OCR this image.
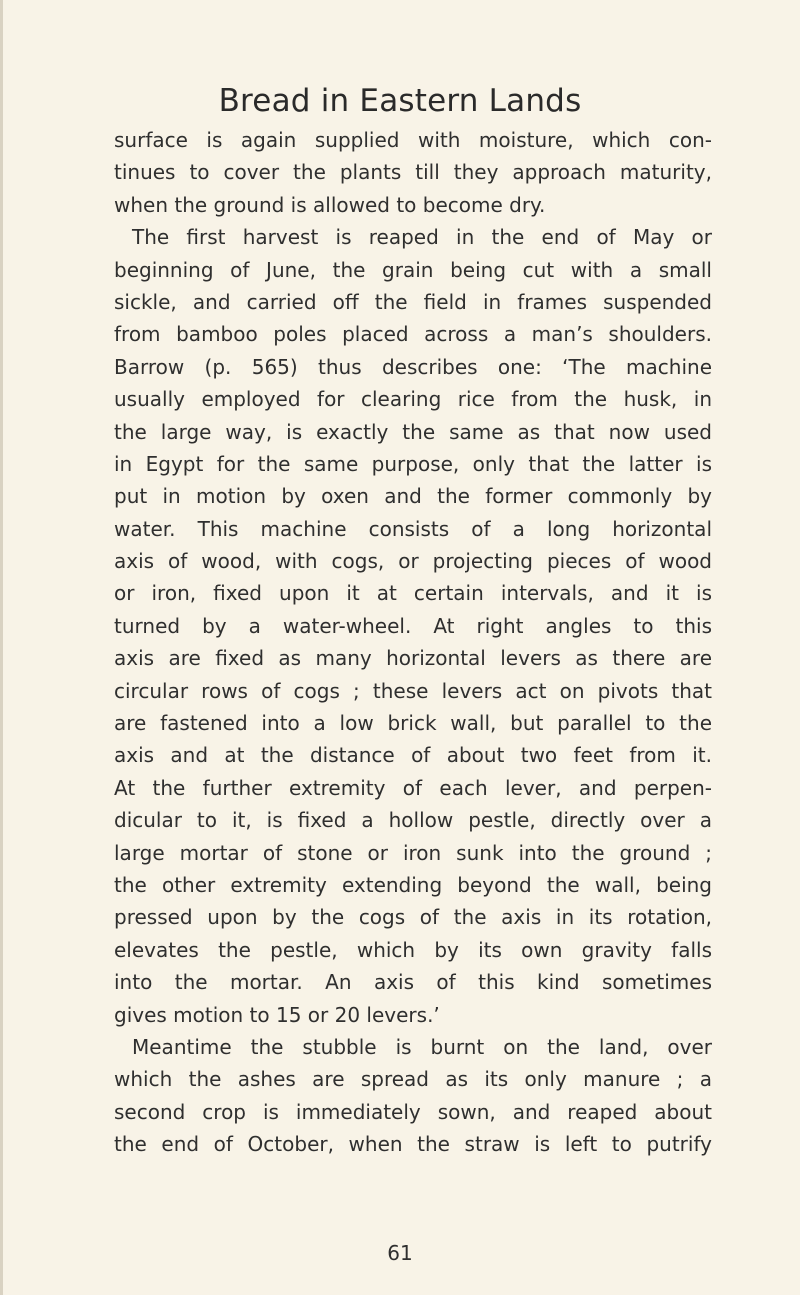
Bread in Eastern Lands
surface is again supplied with moisture, which con-
tinues to cover the plants till they approach maturity,
when the ground is allowed to become dry.
The first harvest is reaped in the end of May or
beginning of June, the grain being cut with a small
sickle, and carried off the field in frames suspended
from bamboo poles placed across a man’s shoulders.
Barrow (p. 565) thus describes one: ‘The machine
usually employed for clearing rice from the husk, in
the large way, is exactly the same as that now used
in Egypt for the same purpose, only that the latter is
put in motion by oxen and the former commonly by
water. This machine consists of a long horizontal
axis of wood, with cogs, or projecting pieces of wood
or iron, fixed upon it at certain intervals, and it is
turned by a water-wheel. At right angles to this
axis are fixed as many horizontal levers as there are
circular rows of cogs ; these levers act on pivots that
are fastened into a low brick wall, but parallel to the
axis and at the distance of about two feet from it.
At the further extremity of each lever, and perpen-
dicular to it, is fixed a hollow pestle, directly over a
large mortar of stone or iron sunk into the ground ;
the other extremity extending beyond the wall, being
pressed upon by the cogs of the axis in its rotation,
elevates the pestle, which by its own gravity falls
into the mortar. An axis of this kind sometimes
gives motion to 15 or 20 levers.’
Meantime the stubble is burnt on the land, over
which the ashes are spread as its only manure ; a
second crop is immediately sown, and reaped about
the end of October, when the straw is left to putrify
61
